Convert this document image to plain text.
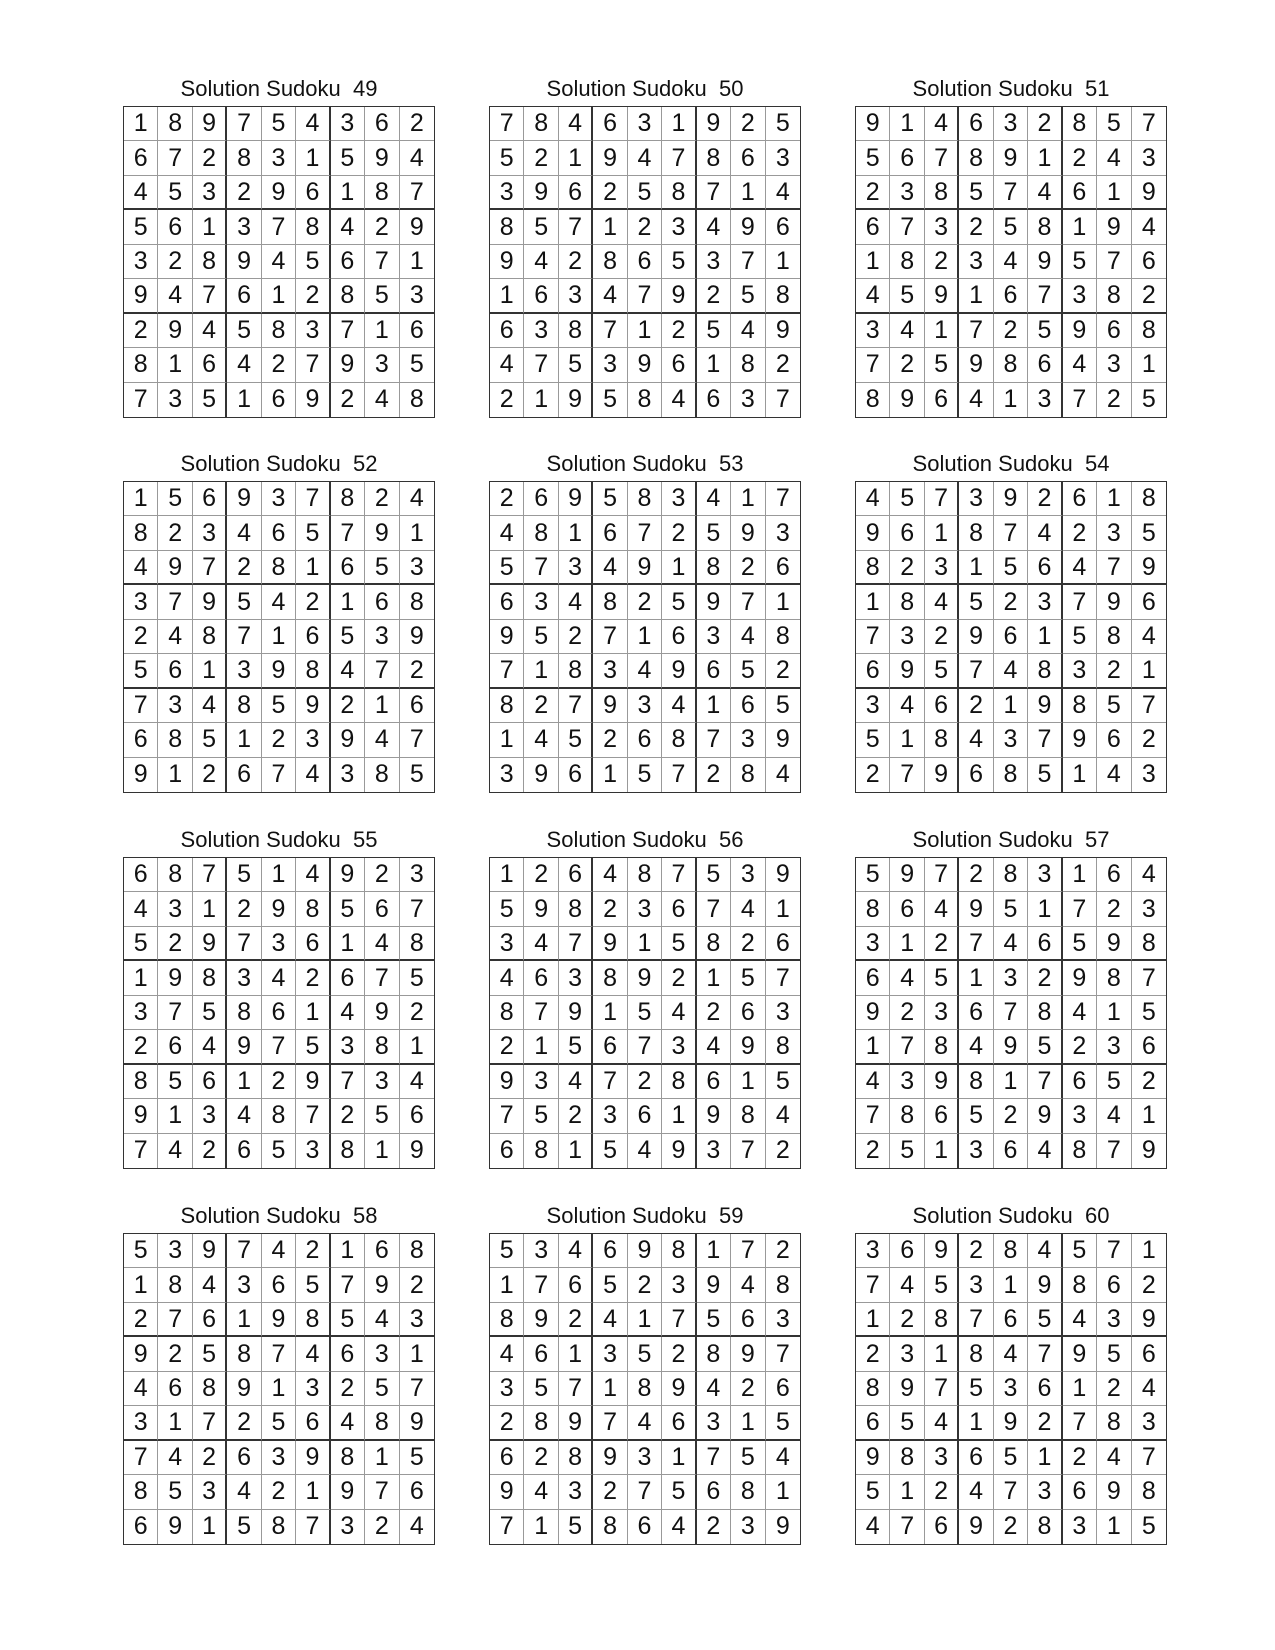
Solution Sudoku  49
1 8 9 7 5 4 3 6 2
6 7 2 8 3 1 5 9 4
4 5 3 2 9 6 1 8 7
5 6 1 3 7 8 4 2 9
3 2 8 9 4 5 6 7 1
9 4 7 6 1 2 8 5 3
2 9 4 5 8 3 7 1 6
8 1 6 4 2 7 9 3 5
7 3 5 1 6 9 2 4 8
Solution Sudoku  50
7 8 4 6 3 1 9 2 5
5 2 1 9 4 7 8 6 3
3 9 6 2 5 8 7 1 4
8 5 7 1 2 3 4 9 6
9 4 2 8 6 5 3 7 1
1 6 3 4 7 9 2 5 8
6 3 8 7 1 2 5 4 9
4 7 5 3 9 6 1 8 2
2 1 9 5 8 4 6 3 7
Solution Sudoku  51
9 1 4 6 3 2 8 5 7
5 6 7 8 9 1 2 4 3
2 3 8 5 7 4 6 1 9
6 7 3 2 5 8 1 9 4
1 8 2 3 4 9 5 7 6
4 5 9 1 6 7 3 8 2
3 4 1 7 2 5 9 6 8
7 2 5 9 8 6 4 3 1
8 9 6 4 1 3 7 2 5
Solution Sudoku  52
1 5 6 9 3 7 8 2 4
8 2 3 4 6 5 7 9 1
4 9 7 2 8 1 6 5 3
3 7 9 5 4 2 1 6 8
2 4 8 7 1 6 5 3 9
5 6 1 3 9 8 4 7 2
7 3 4 8 5 9 2 1 6
6 8 5 1 2 3 9 4 7
9 1 2 6 7 4 3 8 5
Solution Sudoku  53
2 6 9 5 8 3 4 1 7
4 8 1 6 7 2 5 9 3
5 7 3 4 9 1 8 2 6
6 3 4 8 2 5 9 7 1
9 5 2 7 1 6 3 4 8
7 1 8 3 4 9 6 5 2
8 2 7 9 3 4 1 6 5
1 4 5 2 6 8 7 3 9
3 9 6 1 5 7 2 8 4
Solution Sudoku  54
4 5 7 3 9 2 6 1 8
9 6 1 8 7 4 2 3 5
8 2 3 1 5 6 4 7 9
1 8 4 5 2 3 7 9 6
7 3 2 9 6 1 5 8 4
6 9 5 7 4 8 3 2 1
3 4 6 2 1 9 8 5 7
5 1 8 4 3 7 9 6 2
2 7 9 6 8 5 1 4 3
Solution Sudoku  55
6 8 7 5 1 4 9 2 3
4 3 1 2 9 8 5 6 7
5 2 9 7 3 6 1 4 8
1 9 8 3 4 2 6 7 5
3 7 5 8 6 1 4 9 2
2 6 4 9 7 5 3 8 1
8 5 6 1 2 9 7 3 4
9 1 3 4 8 7 2 5 6
7 4 2 6 5 3 8 1 9
Solution Sudoku  56
1 2 6 4 8 7 5 3 9
5 9 8 2 3 6 7 4 1
3 4 7 9 1 5 8 2 6
4 6 3 8 9 2 1 5 7
8 7 9 1 5 4 2 6 3
2 1 5 6 7 3 4 9 8
9 3 4 7 2 8 6 1 5
7 5 2 3 6 1 9 8 4
6 8 1 5 4 9 3 7 2
Solution Sudoku  57
5 9 7 2 8 3 1 6 4
8 6 4 9 5 1 7 2 3
3 1 2 7 4 6 5 9 8
6 4 5 1 3 2 9 8 7
9 2 3 6 7 8 4 1 5
1 7 8 4 9 5 2 3 6
4 3 9 8 1 7 6 5 2
7 8 6 5 2 9 3 4 1
2 5 1 3 6 4 8 7 9
Solution Sudoku  58
5 3 9 7 4 2 1 6 8
1 8 4 3 6 5 7 9 2
2 7 6 1 9 8 5 4 3
9 2 5 8 7 4 6 3 1
4 6 8 9 1 3 2 5 7
3 1 7 2 5 6 4 8 9
7 4 2 6 3 9 8 1 5
8 5 3 4 2 1 9 7 6
6 9 1 5 8 7 3 2 4
Solution Sudoku  59
5 3 4 6 9 8 1 7 2
1 7 6 5 2 3 9 4 8
8 9 2 4 1 7 5 6 3
4 6 1 3 5 2 8 9 7
3 5 7 1 8 9 4 2 6
2 8 9 7 4 6 3 1 5
6 2 8 9 3 1 7 5 4
9 4 3 2 7 5 6 8 1
7 1 5 8 6 4 2 3 9
Solution Sudoku  60
3 6 9 2 8 4 5 7 1
7 4 5 3 1 9 8 6 2
1 2 8 7 6 5 4 3 9
2 3 1 8 4 7 9 5 6
8 9 7 5 3 6 1 2 4
6 5 4 1 9 2 7 8 3
9 8 3 6 5 1 2 4 7
5 1 2 4 7 3 6 9 8
4 7 6 9 2 8 3 1 5
